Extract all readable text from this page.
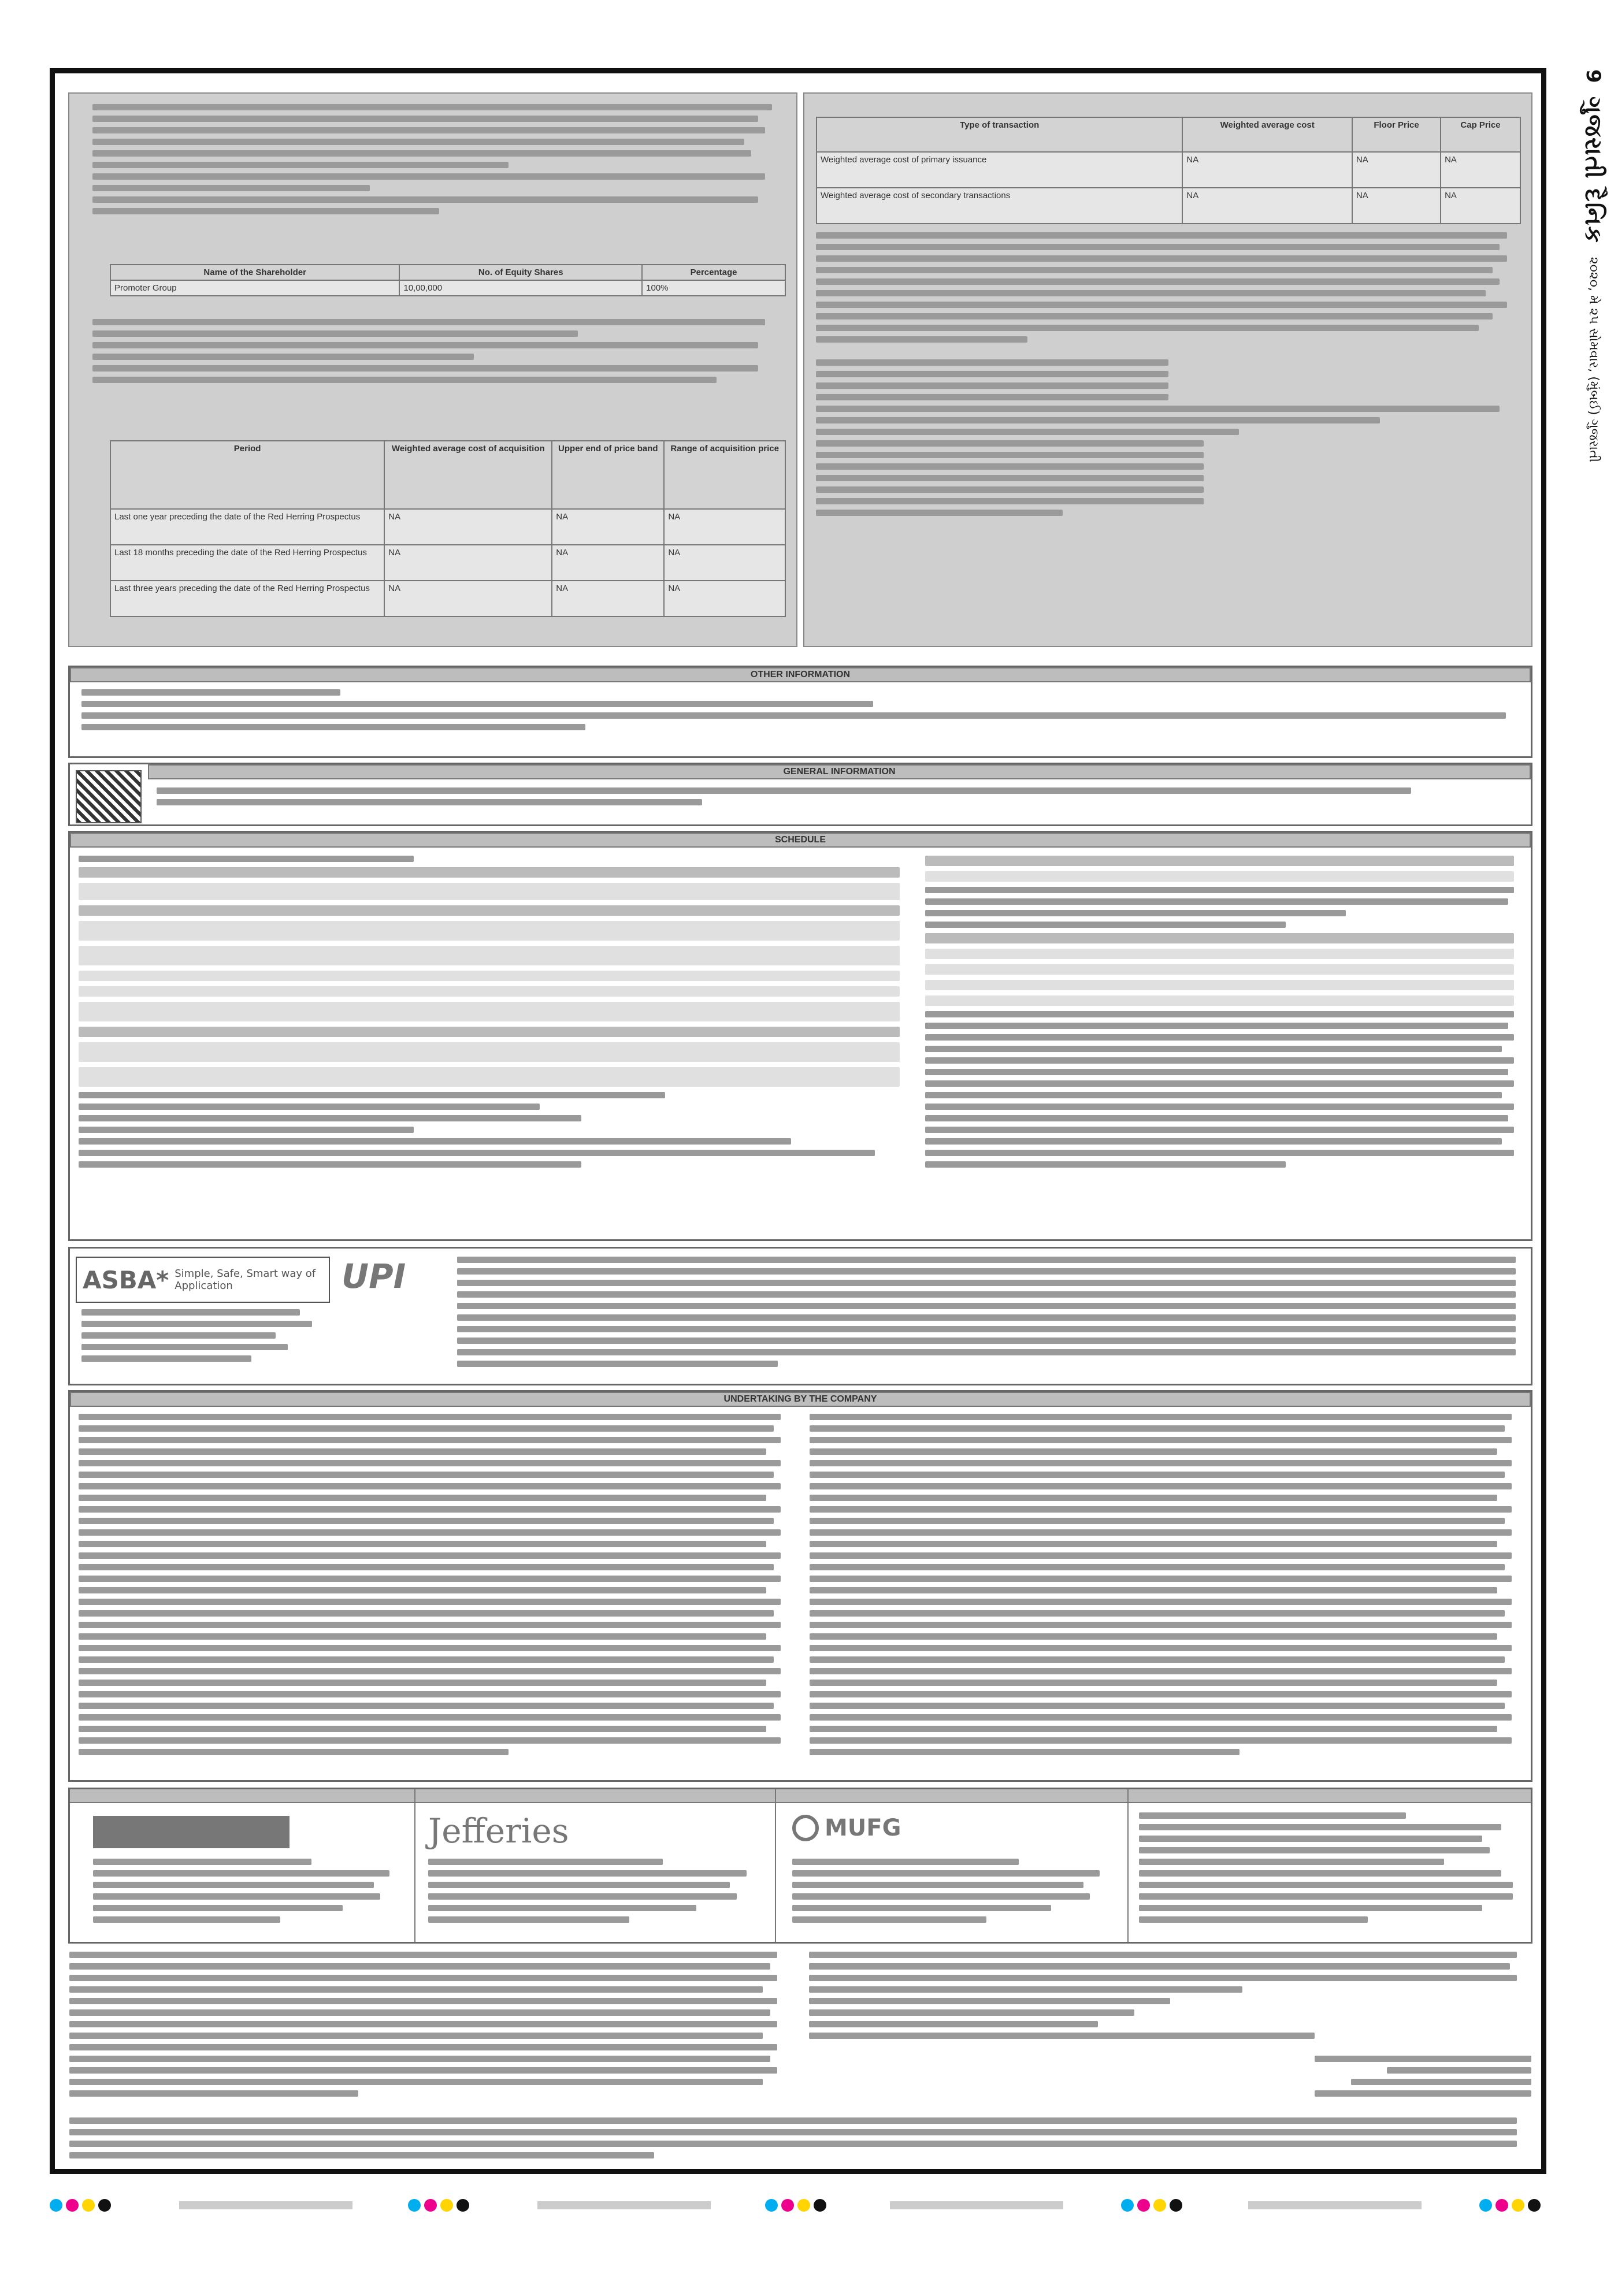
9 ગુજરાતી દૈનિક ૨૦૨૦, મે ૨૫ સોમવાર, (મુંબઈ) ગુજરાતી
Name of the Shareholder	No. of Equity Shares	Percentage
Promoter Group	10,00,000	100%
Period	Weighted average cost of acquisition	Upper end of price band	Range of acquisition price
Last one year preceding the date of the Red Herring Prospectus	NA	NA	NA
Last 18 months preceding the date of the Red Herring Prospectus	NA	NA	NA
Last three years preceding the date of the Red Herring Prospectus	NA	NA	NA
Type of transaction	Weighted average cost	Floor Price	Cap Price
Weighted average cost of primary issuance	NA	NA	NA
Weighted average cost of secondary transactions	NA	NA	NA
OTHER INFORMATION
GENERAL INFORMATION
SCHEDULE
ASBA* Simple, Safe, Smart way of Application	UPI
UNDERTAKING BY THE COMPANY
Jefferies	MUFG
